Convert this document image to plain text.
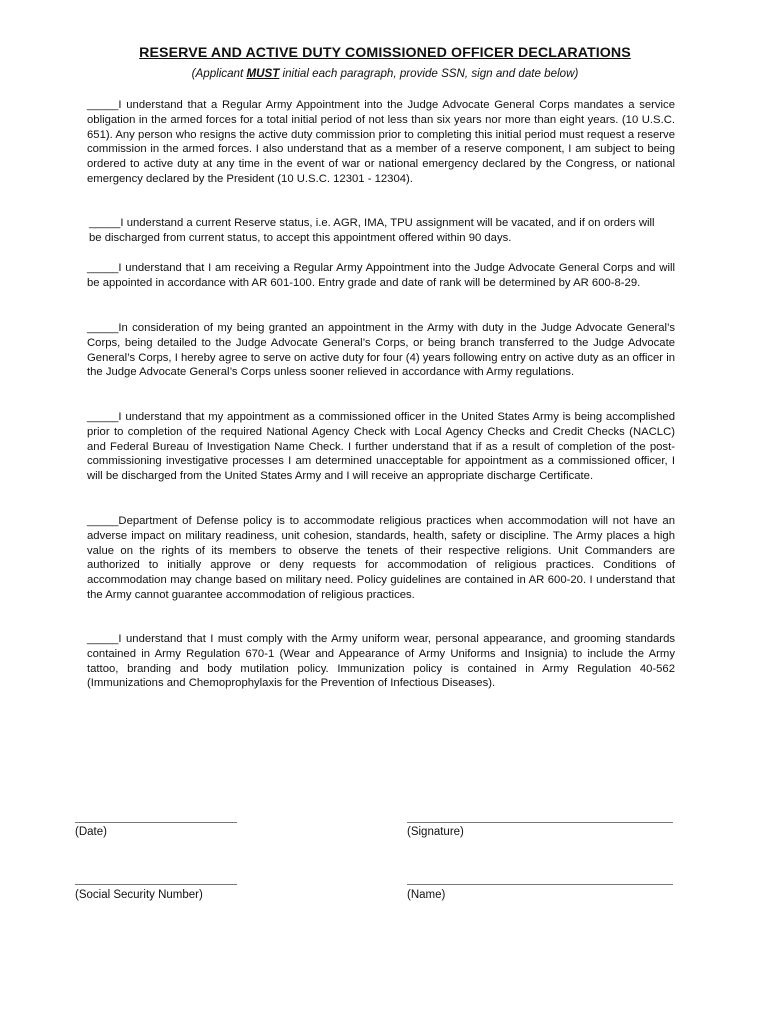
RESERVE AND ACTIVE DUTY COMISSIONED OFFICER DECLARATIONS
(Applicant MUST initial each paragraph, provide SSN, sign and date below)

_____I understand that a Regular Army Appointment into the Judge Advocate General Corps mandates a service obligation in the armed forces for a total initial period of not less than six years nor more than eight years. (10 U.S.C. 651). Any person who resigns the active duty commission prior to completing this initial period must request a reserve commission in the armed forces. I also understand that as a member of a reserve component, I am subject to being ordered to active duty at any time in the event of war or national emergency declared by the Congress, or national emergency declared by the President (10 U.S.C. 12301 - 12304).

_____I understand a current Reserve status, i.e. AGR, IMA, TPU assignment will be vacated, and if on orders will be discharged from current status, to accept this appointment offered within 90 days.

_____I understand that I am receiving a Regular Army Appointment into the Judge Advocate General Corps and will be appointed in accordance with AR 601-100. Entry grade and date of rank will be determined by AR 600-8-29.

_____In consideration of my being granted an appointment in the Army with duty in the Judge Advocate General’s Corps, being detailed to the Judge Advocate General’s Corps, or being branch transferred to the Judge Advocate General’s Corps, I hereby agree to serve on active duty for four (4) years following entry on active duty as an officer in the Judge Advocate General’s Corps unless sooner relieved in accordance with Army regulations.

_____I understand that my appointment as a commissioned officer in the United States Army is being accomplished prior to completion of the required National Agency Check with Local Agency Checks and Credit Checks (NACLC) and Federal Bureau of Investigation Name Check. I further understand that if as a result of completion of the post-commissioning investigative processes I am determined unacceptable for appointment as a commissioned officer, I will be discharged from the United States Army and I will receive an appropriate discharge Certificate.

_____Department of Defense policy is to accommodate religious practices when accommodation will not have an adverse impact on military readiness, unit cohesion, standards, health, safety or discipline. The Army places a high value on the rights of its members to observe the tenets of their respective religions. Unit Commanders are authorized to initially approve or deny requests for accommodation of religious practices. Conditions of accommodation may change based on military need. Policy guidelines are contained in AR 600-20. I understand that the Army cannot guarantee accommodation of religious practices.

_____I understand that I must comply with the Army uniform wear, personal appearance, and grooming standards contained in Army Regulation 670-1 (Wear and Appearance of Army Uniforms and Insignia) to include the Army tattoo, branding and body mutilation policy. Immunization policy is contained in Army Regulation 40-562 (Immunizations and Chemoprophylaxis for the Prevention of Infectious Diseases).

(Date)	(Signature)
(Social Security Number)	(Name)
